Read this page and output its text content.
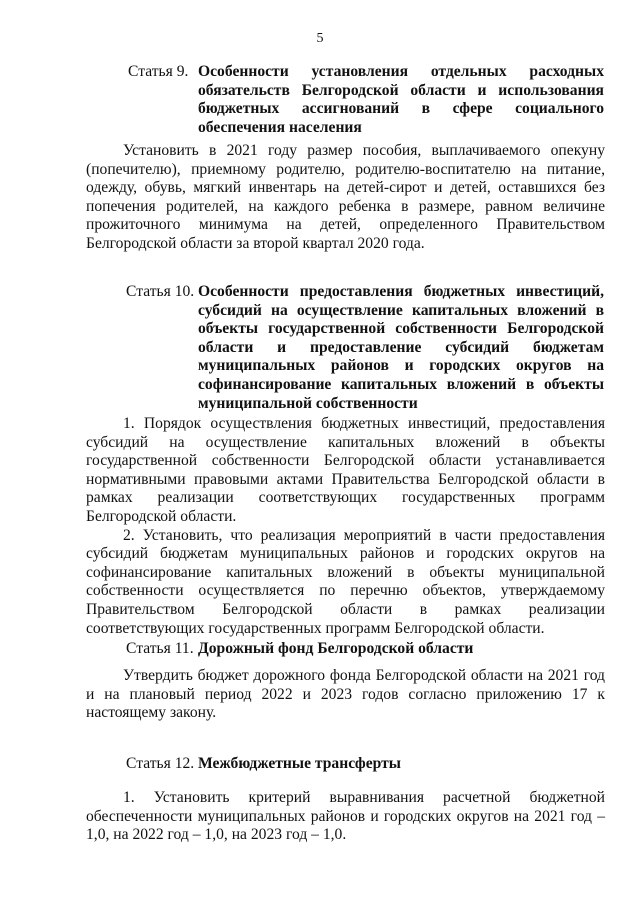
5
Статья 9. Особенности установления отдельных расходных обязательств Белгородской области и использования бюджетных ассигнований в сфере социального обеспечения населения

Установить в 2021 году размер пособия, выплачиваемого опекуну (попечителю), приемному родителю, родителю-воспитателю на питание, одежду, обувь, мягкий инвентарь на детей-сирот и детей, оставшихся без попечения родителей, на каждого ребенка в размере, равном величине прожиточного минимума на детей, определенного Правительством Белгородской области за второй квартал 2020 года.

Статья 10. Особенности предоставления бюджетных инвестиций, субсидий на осуществление капитальных вложений в объекты государственной собственности Белгородской области и предоставление субсидий бюджетам муниципальных районов и городских округов на софинансирование капитальных вложений в объекты муниципальной собственности

1. Порядок осуществления бюджетных инвестиций, предоставления субсидий на осуществление капитальных вложений в объекты государственной собственности Белгородской области устанавливается нормативными правовыми актами Правительства Белгородской области в рамках реализации соответствующих государственных программ Белгородской области.

2. Установить, что реализация мероприятий в части предоставления субсидий бюджетам муниципальных районов и городских округов на софинансирование капитальных вложений в объекты муниципальной собственности осуществляется по перечню объектов, утверждаемому Правительством Белгородской области в рамках реализации соответствующих государственных программ Белгородской области.

Статья 11. Дорожный фонд Белгородской области

Утвердить бюджет дорожного фонда Белгородской области на 2021 год и на плановый период 2022 и 2023 годов согласно приложению 17 к настоящему закону.

Статья 12. Межбюджетные трансферты

1. Установить критерий выравнивания расчетной бюджетной обеспеченности муниципальных районов и городских округов на 2021 год – 1,0, на 2022 год – 1,0, на 2023 год – 1,0.
